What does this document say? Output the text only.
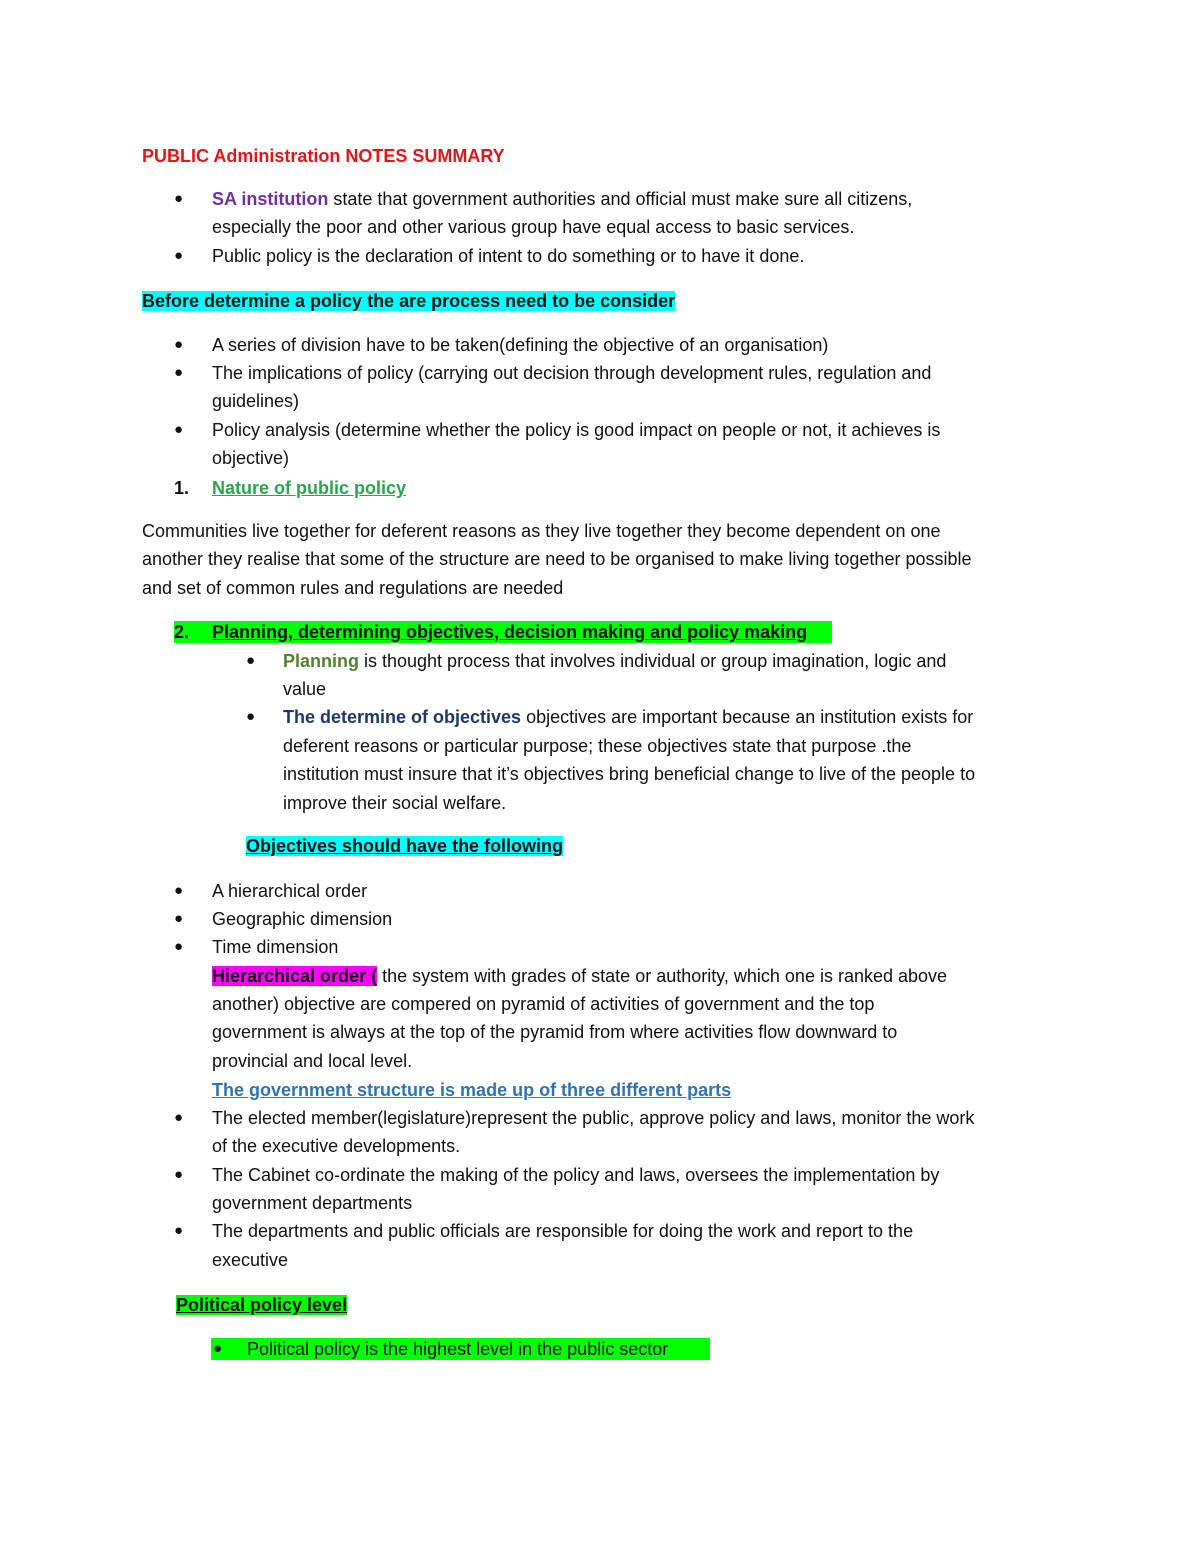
PUBLIC Administration NOTES SUMMARY
● SA institution state that government authorities and official must make sure all citizens,
especially the poor and other various group have equal access to basic services.
● Public policy is the declaration of intent to do something or to have it done.
Before determine a policy the are process need to be consider
● A series of division have to be taken(defining the objective of an organisation)
● The implications of policy (carrying out decision through development rules, regulation and
guidelines)
● Policy analysis (determine whether the policy is good impact on people or not, it achieves is
objective)
1. Nature of public policy
Communities live together for deferent reasons as they live together they become dependent on one
another they realise that some of the structure are need to be organised to make living together possible
and set of common rules and regulations are needed
2. Planning, determining objectives, decision making and policy making
● Planning is thought process that involves individual or group imagination, logic and
value
● The determine of objectives objectives are important because an institution exists for
deferent reasons or particular purpose; these objectives state that purpose .the
institution must insure that it’s objectives bring beneficial change to live of the people to
improve their social welfare.
Objectives should have the following
● A hierarchical order
● Geographic dimension
● Time dimension
Hierarchical order ( the system with grades of state or authority, which one is ranked above
another) objective are compered on pyramid of activities of government and the top
government is always at the top of the pyramid from where activities flow downward to
provincial and local level.
The government structure is made up of three different parts
● The elected member(legislature)represent the public, approve policy and laws, monitor the work
of the executive developments.
● The Cabinet co-ordinate the making of the policy and laws, oversees the implementation by
government departments
● The departments and public officials are responsible for doing the work and report to the
executive
Political policy level
● Political policy is the highest level in the public sector
